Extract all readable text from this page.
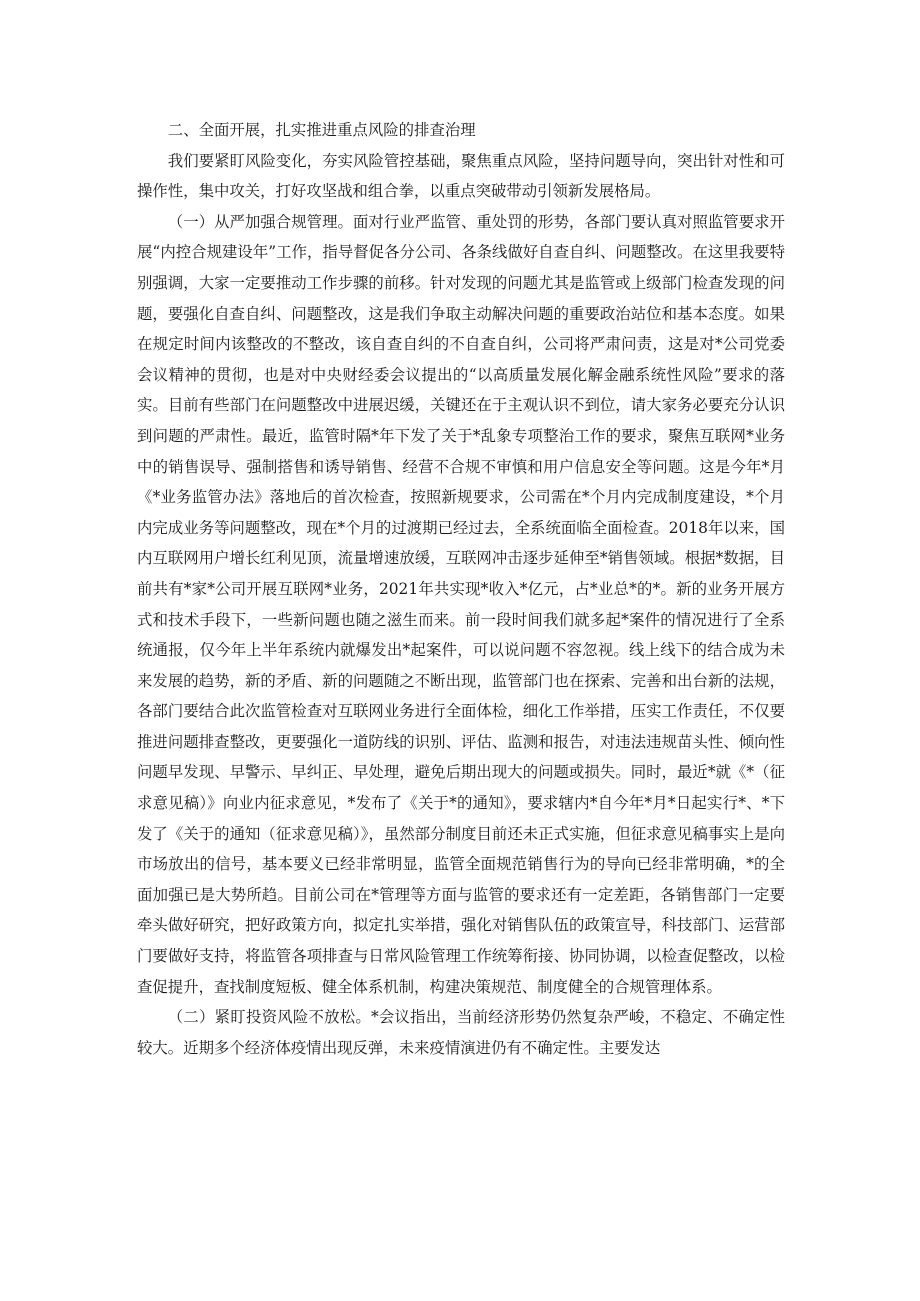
二、全面开展，扎实推进重点风险的排查治理

我们要紧盯风险变化，夯实风险管控基础，聚焦重点风险，坚持问题导向，突出针对性和可操作性，集中攻关，打好攻坚战和组合拳，以重点突破带动引领新发展格局。

（一）从严加强合规管理。面对行业严监管、重处罚的形势，各部门要认真对照监管要求开展“内控合规建设年”工作，指导督促各分公司、各条线做好自查自纠、问题整改。在这里我要特别强调，大家一定要推动工作步骤的前移。针对发现的问题尤其是监管或上级部门检查发现的问题，要强化自查自纠、问题整改，这是我们争取主动解决问题的重要政治站位和基本态度。如果在规定时间内该整改的不整改，该自查自纠的不自查自纠，公司将严肃问责，这是对*公司党委会议精神的贯彻，也是对中央财经委会议提出的“以高质量发展化解金融系统性风险”要求的落实。目前有些部门在问题整改中进展迟缓，关键还在于主观认识不到位，请大家务必要充分认识到问题的严肃性。最近，监管时隔*年下发了关于*乱象专项整治工作的要求，聚焦互联网*业务中的销售误导、强制搭售和诱导销售、经营不合规不审慎和用户信息安全等问题。这是今年*月《*业务监管办法》落地后的首次检查，按照新规要求，公司需在*个月内完成制度建设，*个月内完成业务等问题整改，现在*个月的过渡期已经过去，全系统面临全面检查。2018年以来，国内互联网用户增长红利见顶，流量增速放缓，互联网冲击逐步延伸至*销售领域。根据*数据，目前共有*家*公司开展互联网*业务，2021年共实现*收入*亿元，占*业总*的*。新的业务开展方式和技术手段下，一些新问题也随之滋生而来。前一段时间我们就多起*案件的情况进行了全系统通报，仅今年上半年系统内就爆发出*起案件，可以说问题不容忽视。线上线下的结合成为未来发展的趋势，新的矛盾、新的问题随之不断出现，监管部门也在探索、完善和出台新的法规，各部门要结合此次监管检查对互联网业务进行全面体检，细化工作举措，压实工作责任，不仅要推进问题排查整改，更要强化一道防线的识别、评估、监测和报告，对违法违规苗头性、倾向性问题早发现、早警示、早纠正、早处理，避免后期出现大的问题或损失。同时，最近*就《*（征求意见稿）》向业内征求意见，*发布了《关于*的通知》，要求辖内*自今年*月*日起实行*、*下发了《关于的通知（征求意见稿）》，虽然部分制度目前还未正式实施，但征求意见稿事实上是向市场放出的信号，基本要义已经非常明显，监管全面规范销售行为的导向已经非常明确，*的全面加强已是大势所趋。目前公司在*管理等方面与监管的要求还有一定差距，各销售部门一定要牵头做好研究，把好政策方向，拟定扎实举措，强化对销售队伍的政策宣导，科技部门、运营部门要做好支持，将监管各项排查与日常风险管理工作统筹衔接、协同协调，以检查促整改，以检查促提升，查找制度短板、健全体系机制，构建决策规范、制度健全的合规管理体系。

（二）紧盯投资风险不放松。*会议指出，当前经济形势仍然复杂严峻，不稳定、不确定性较大。近期多个经济体疫情出现反弹，未来疫情演进仍有不确定性。主要发达
